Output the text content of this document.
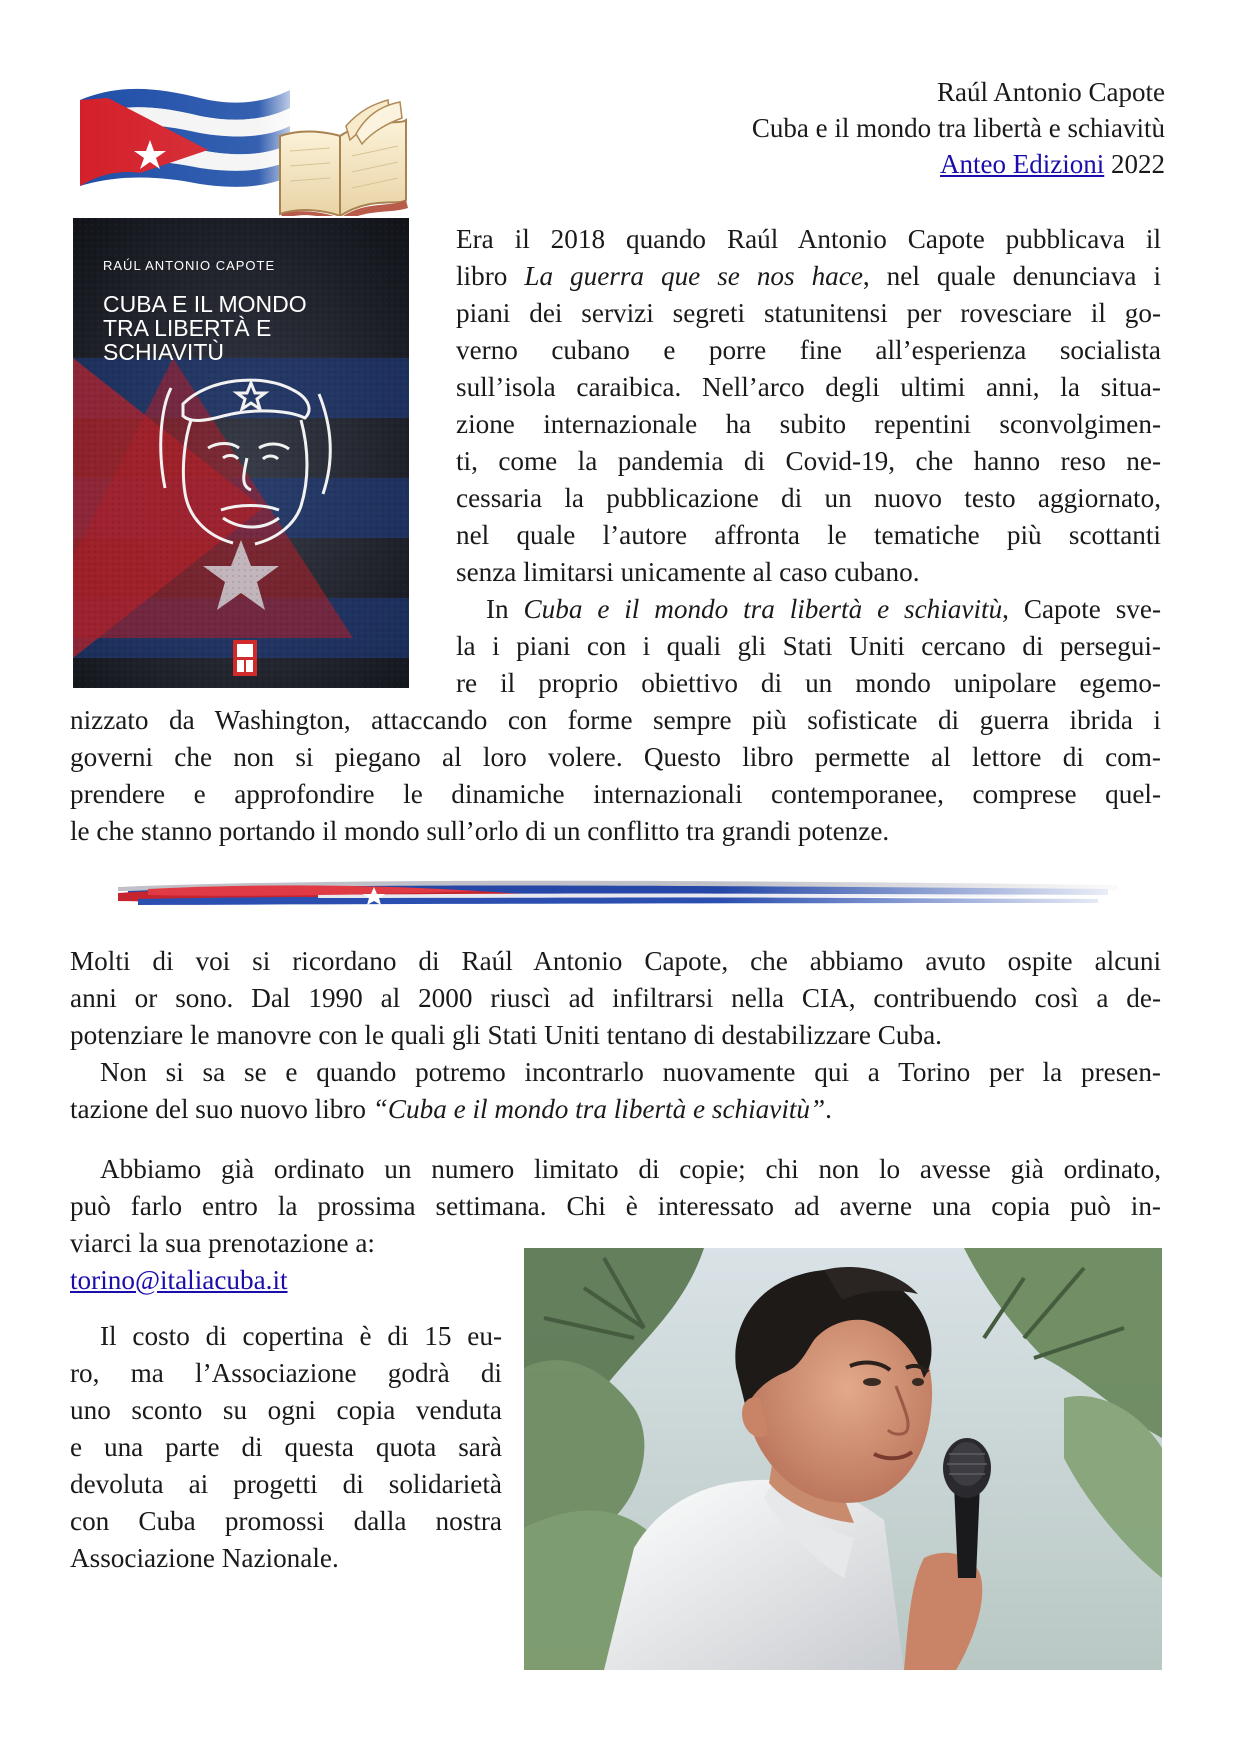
Raúl Antonio Capote
Cuba e il mondo tra libertà e schiavitù
Anteo Edizioni 2022
RAÚL ANTONIO CAPOTE
CUBA E IL MONDO
TRA LIBERTÀ E
SCHIAVITÙ
Era il 2018 quando Raúl Antonio Capote pubblicava il
libro La guerra que se nos hace, nel quale denunciava i
piani dei servizi segreti statunitensi per rovesciare il go-
verno cubano e porre fine all’esperienza socialista
sull’isola caraibica. Nell’arco degli ultimi anni, la situa-
zione internazionale ha subito repentini sconvolgimen-
ti, come la pandemia di Covid-19, che hanno reso ne-
cessaria la pubblicazione di un nuovo testo aggiornato,
nel quale l’autore affronta le tematiche più scottanti
senza limitarsi unicamente al caso cubano.
In Cuba e il mondo tra libertà e schiavitù, Capote sve-
la i piani con i quali gli Stati Uniti cercano di persegui-
re il proprio obiettivo di un mondo unipolare egemo-
nizzato da Washington, attaccando con forme sempre più sofisticate di guerra ibrida i
governi che non si piegano al loro volere. Questo libro permette al lettore di com-
prendere e approfondire le dinamiche internazionali contemporanee, comprese quel-
le che stanno portando il mondo sull’orlo di un conflitto tra grandi potenze.
Molti di voi si ricordano di Raúl Antonio Capote, che abbiamo avuto ospite alcuni
anni or sono. Dal 1990 al 2000 riuscì ad infiltrarsi nella CIA, contribuendo così a de-
potenziare le manovre con le quali gli Stati Uniti tentano di destabilizzare Cuba.
Non si sa se e quando potremo incontrarlo nuovamente qui a Torino per la presen-
tazione del suo nuovo libro “Cuba e il mondo tra libertà e schiavitù”.
Abbiamo già ordinato un numero limitato di copie; chi non lo avesse già ordinato,
può farlo entro la prossima settimana. Chi è interessato ad averne una copia può in-
viarci la sua prenotazione a:
torino@italiacuba.it
Il costo di copertina è di 15 eu-
ro, ma l’Associazione godrà di
uno sconto su ogni copia venduta
e una parte di questa quota sarà
devoluta ai progetti di solidarietà
con Cuba promossi dalla nostra
Associazione Nazionale.
